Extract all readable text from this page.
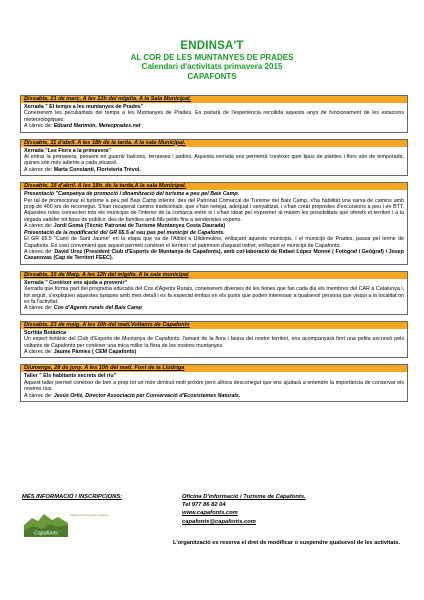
ENDINSA'T
AL COR DE LES MUNTANYES DE PRADES
Calendari d'activitats primavera 2015
CAPAFONTS
Dissabte, 21 de març. A les 12h del migdia. A la Sala Municipal.
Xerrada " El temps a les muntanyes de Prades"
Coneixerem les peculiaritats del temps a les Muntanyes de Prades. Es parlarà de l'experiència recollida aquests anys de funcionament de les estacions meteorològiques.
A càrrec de: Eduard Marimón, Meteoprades.net
Dissabte, 11 d'abril. A les 18h de la tarda. A la sala Municipal.
Xerrada "Les Flors a la primavera"
Al entrar la primavera, pensem en guarnir balcons, terrasses i jardins. Aquesta xerrada ens permetrà conèixer quin tipus de plantes i flors són de temporada, quines són més adients a cada situació.
A càrrec de: Marta Constantí, Floristeria Trèvol.
Dissabte, 18 d'abril. A les 18h. de la tarda.A la sala Municipal.
Presentació "Campanya de promoció i dinamització del turisme a peu pel Baix Camp.
Per tal de promocionar el turisme a peu pel Baix Camp interior, des del Patronat Comarcal de Turisme del Baix Camp, s'ha habilitat una xarxa de camins amb prop de 400 km de recorregut. S'han recuperat camins tradicionals, que s'han netejat, adequat i senyalitzat, i s'han creat propostes d'excursions a peu i en BTT. Aquestes rutes connecten tots els municipis de l'interior de la comarca entre si i s'han ideat per expremer al màxim les possibilitats que ofereix el territori i a la vegada satisfer tot tipus de públics: des de famílies amb fills petits fins a senderistes experts.
A càrrec de: Jordi Gomà (Tècnic Patronat de Turisme Muntanyes Costa Daurada)
Presentació de la modificació del GR 65.5 al seu pas pel municipi de Capafonts.
El GR 65.5 "Camí de Sant Jaume" en la etapa que va de l'Albiol a Ulldemolins, enllaçant aquests municipis, i el municipi de Prades, passa pel terme de Capafonts. Es creu convenient que aquest permeti conèixer el territori i el patrimoni d'aquest indret, enllaçant el municipi de Capafonts.
A càrrec de: David Uroz (President Club d'Esports de Muntanya de Capafonts), amb col·laboració de Rafael López Monné ( Fotògraf i Geògraf) i Josep Casanovas (Cap de Territori FEEC).
Dissabte, 16 de Maig. A les 12h del migdia. A la sala municipal
Xerrada " Conèixer ens ajuda a prevenir"
Xerrada que forma part del programa educatiu del Cos d'Agents Rurals, coneixerem diverses de les feines que fan cada dia els membres del CAR a Catalunya i, tot seguit, s'expliquen aquestes tasques amb més detall i es fa especial èmfasi en els punts que poden interessar a qualsevol persona que visqui a la localitat on es fa l'activitat.
A càrrec de: Cos d'Agents rurals del Baix Camp
Dissabte, 23 de maig. A les 10h del matí.Voltants de Capafonts
Sortida Botànica
Un expert botànic del Club d'Esports de Muntanya de Capafonts, l'amant de la flora i fauna del nostre territori, ens acompanyarà fent una petita excursió pels voltants de Capafonts per conèixer una mica millor la flora de les nostres muntanyes.
A càrrec de: Jaume Pàmies ( CEM Capafonts)
Diumenge, 28 de juny. A les 10h del matí. Font de la Llúdriga
Taller " Els habitants secrets del riu"
Aquest taller permet conèixer de ben a prop tot un món diminut molt pròxim però alhora desconegut que ens ajudarà a entendre la importància de conservar els nostres rius.
A càrrec de: Jesús Ortiz, Director Associació per Conservació d'Ecosistemes Naturals.
MÉS INFORMACIÓ I INSCRIPCIONS:	Oficina D'informació i Turisme de Capafonts.
Tel 977 86 82 04
www.capafonts.com
capafonts@capafonts.com
Capafonts
Oficina d'informació i turisme
L'organització es reserva el dret de modificar o suspendre qualsevol de les activitats.
